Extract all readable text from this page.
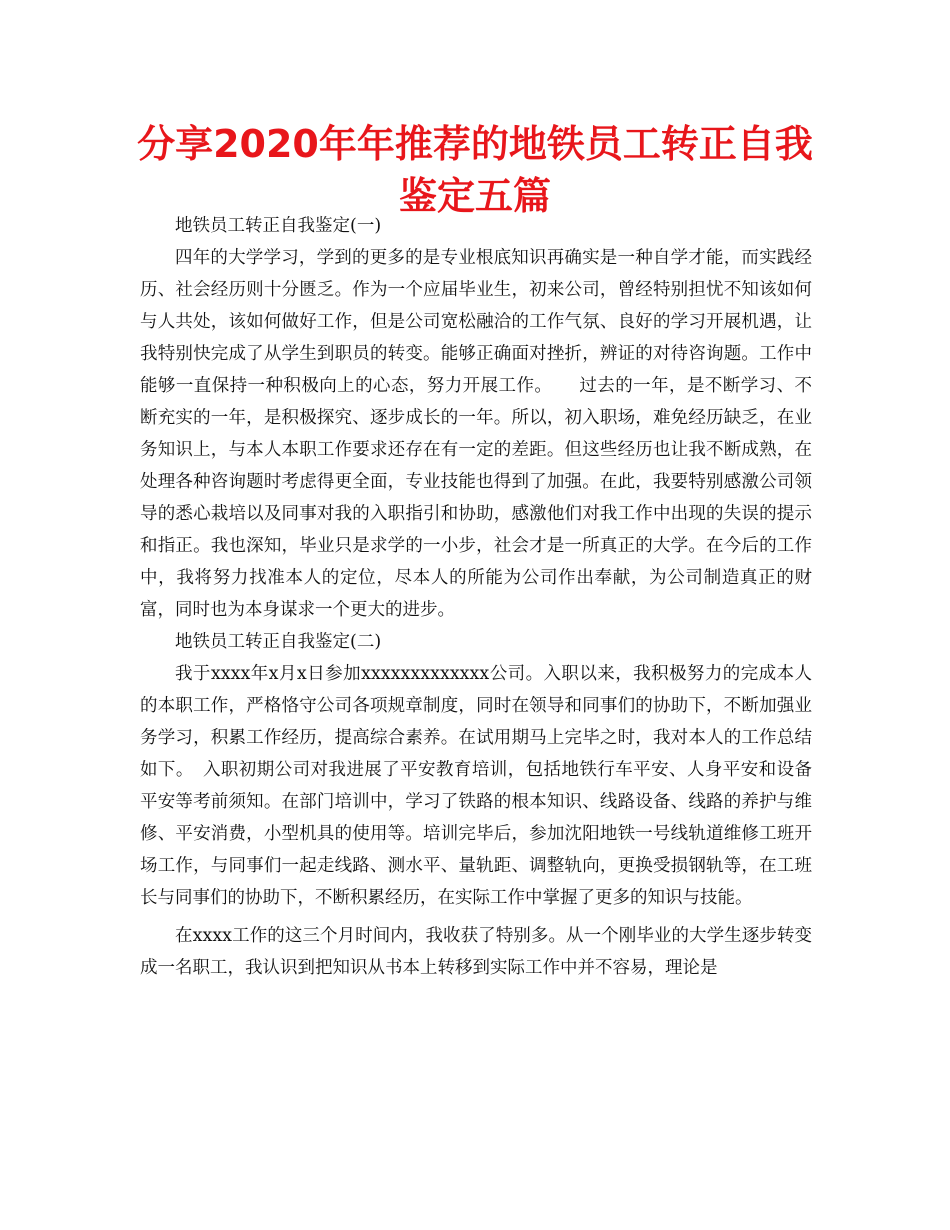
分享2020年年推荐的地铁员工转正自我鉴定五篇

地铁员工转正自我鉴定(一)

四年的大学学习，学到的更多的是专业根底知识再确实是一种自学才能，而实践经历、社会经历则十分匮乏。作为一个应届毕业生，初来公司，曾经特别担忧不知该如何与人共处，该如何做好工作，但是公司宽松融洽的工作气氛、良好的学习开展机遇，让我特别快完成了从学生到职员的转变。能够正确面对挫折，辨证的对待咨询题。工作中能够一直保持一种积极向上的心态，努力开展工作。　　过去的一年，是不断学习、不断充实的一年，是积极探究、逐步成长的一年。所以，初入职场，难免经历缺乏，在业务知识上，与本人本职工作要求还存在有一定的差距。但这些经历也让我不断成熟，在处理各种咨询题时考虑得更全面，专业技能也得到了加强。在此，我要特别感激公司领导的悉心栽培以及同事对我的入职指引和协助，感激他们对我工作中出现的失误的提示和指正。我也深知，毕业只是求学的一小步，社会才是一所真正的大学。在今后的工作中，我将努力找准本人的定位，尽本人的所能为公司作出奉献，为公司制造真正的财富，同时也为本身谋求一个更大的进步。

地铁员工转正自我鉴定(二)

我于xxxx年x月x日参加xxxxxxxxxxxxx公司。入职以来，我积极努力的完成本人的本职工作，严格恪守公司各项规章制度，同时在领导和同事们的协助下，不断加强业务学习，积累工作经历，提高综合素养。在试用期马上完毕之时，我对本人的工作总结如下。　入职初期公司对我进展了平安教育培训，包括地铁行车平安、人身平安和设备平安等考前须知。在部门培训中，学习了铁路的根本知识、线路设备、线路的养护与维修、平安消费，小型机具的使用等。培训完毕后，参加沈阳地铁一号线轨道维修工班开场工作，与同事们一起走线路、测水平、量轨距、调整轨向，更换受损钢轨等，在工班长与同事们的协助下，不断积累经历，在实际工作中掌握了更多的知识与技能。

在xxxx工作的这三个月时间内，我收获了特别多。从一个刚毕业的大学生逐步转变成一名职工，我认识到把知识从书本上转移到实际工作中并不容易，理论是
